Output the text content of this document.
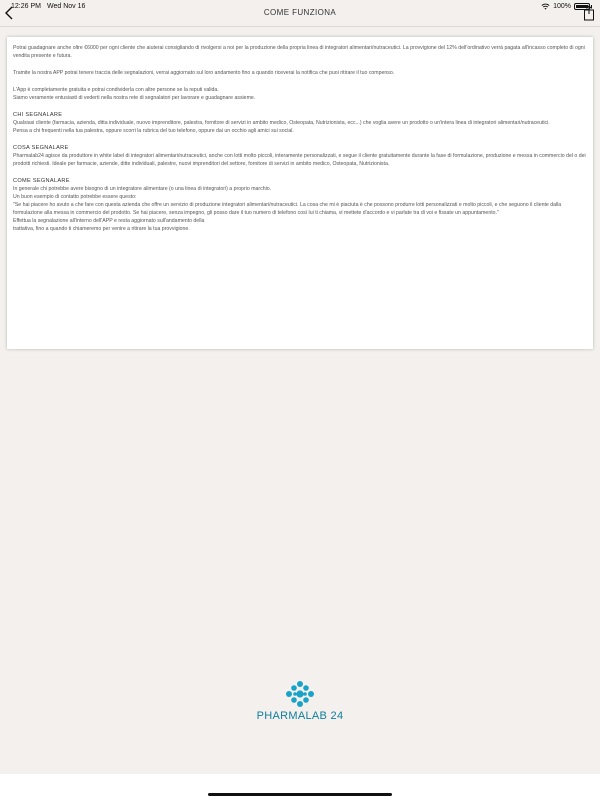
COME FUNZIONA
12:26 PM Wed Nov 16	100%

Potrai guadagnare anche oltre €6000 per ogni cliente che aiuterai consigliando di rivolgersi a noi per la produzione della propria linea di integratori alimentari/nutraceutici. La provvigione del 12% dell'ordinativo verrà pagata all'incasso completo di ogni vendita presente e futura.

Tramite la nostra APP potrai tenere traccia delle segnalazioni, verrai aggiornato sul loro andamento fino a quando riceverai la notifica che puoi ritirare il tuo compenso.

L'App è completamente gratuita e potrai condividerla con altre persone se la reputi valida.

Siamo veramente entusiasti di vederti nella nostra rete di segnalatori per lavorare e guadagnare assieme.

CHI SEGNALARE

Qualsiasi cliente (farmacia, azienda, ditta individuale, nuovo imprenditore, palestra, fornitore di servizi in ambito medico, Osteopata, Nutrizionista, ecc...) che voglia avere un prodotto o un'intera linea di integratori alimentari/nutraceutici.

Pensa a chi frequenti nella tua palestra, oppure scorri la rubrica del tuo telefono, oppure dai un occhio agli amici sui social.

COSA SEGNALARE

Pharmalab24 agisce da produttore in white label di integratori alimentari/nutraceutici, anche con lotti molto piccoli, interamente personalizzati, e segue il cliente gratuitamente durante la fase di formulazione, produzione e messa in commercio del o dei prodotti richiesti. Ideale per farmacie, aziende, ditte individuali, palestre, nuovi imprenditori del settore, fornitore di servizi in ambito medico, Osteopata, Nutrizionista.

COME SEGNALARE

In generale chi potrebbe avere bisogno di un integratore alimentare (o una linea di integratori) a proprio marchio.

Un buon esempio di contatto potrebbe essere questo:

"Se hai piacere ho avuto a che fare con questa azienda che offre un servizio di produzione integratori alimentari/nutraceutici. La cosa che mi è piaciuta è che possono produrre lotti personalizzati e molto piccoli, e che seguono il cliente dalla formulazione alla messa in commercio del prodotto. Se hai piacere, senza impegno, gli posso dare il tuo numero di telefono così lui ti chiama, vi mettete d'accordo e vi parlate tra di voi e fissate un appuntamento."

Effettua la segnalazione all'interno dell'APP e resta aggiornato sull'andamento della

trattativa, fino a quando ti chiameremo per venire a ritirare la tua provvigione.

PHARMALAB 24
